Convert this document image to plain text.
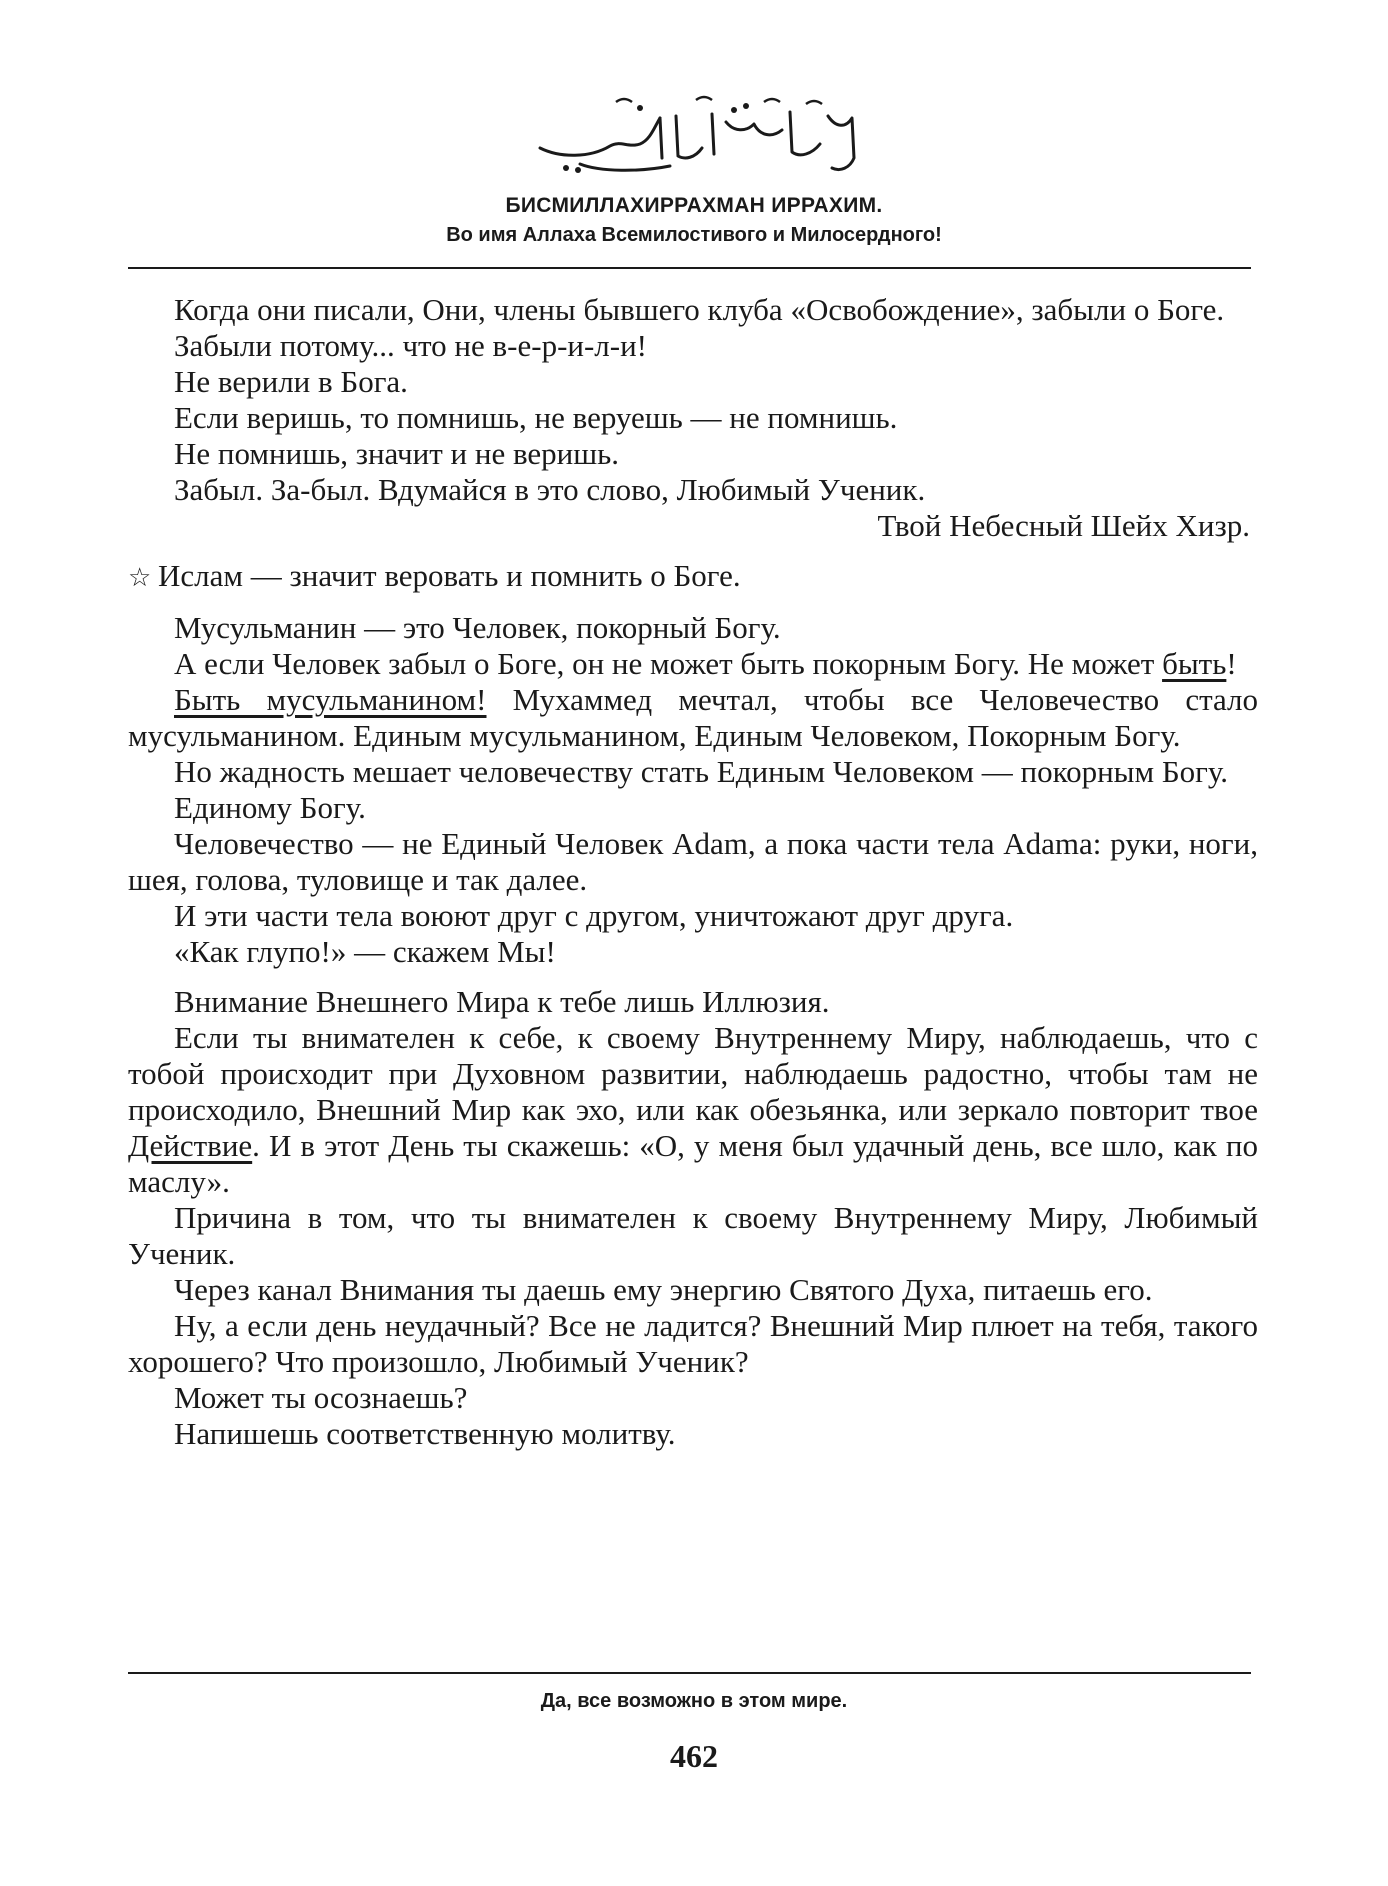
БИСМИЛЛАХИРРАХМАН ИРРАХИМ.
Во имя Аллаха Всемилостивого и Милосердного!

Когда они писали, Они, члены бывшего клуба «Освобождение», забыли о Боге.

Забыли потому... что не в-е-р-и-л-и!

Не верили в Бога.

Если веришь, то помнишь, не веруешь — не помнишь.

Не помнишь, значит и не веришь.

Забыл. За-был. Вдумайся в это слово, Любимый Ученик.

Твой Небесный Шейх Хизр.

☆ Ислам — значит веровать и помнить о Боге.

Мусульманин — это Человек, покорный Богу.

А если Человек забыл о Боге, он не может быть покорным Богу. Не может быть!

Быть мусульманином! Мухаммед мечтал, чтобы все Человечество стало мусульманином. Единым мусульманином, Единым Человеком, Покорным Богу.

Но жадность мешает человечеству стать Единым Человеком — покорным Богу.

Единому Богу.

Человечество — не Единый Человек Adam, а пока части тела Adama: руки, ноги, шея, голова, туловище и так далее.

И эти части тела воюют друг с другом, уничтожают друг друга.

«Как глупо!» — скажем Мы!

Внимание Внешнего Мира к тебе лишь Иллюзия.

Если ты внимателен к себе, к своему Внутреннему Миру, наблюдаешь, что с тобой происходит при Духовном развитии, наблюдаешь радостно, чтобы там не происходило, Внешний Мир как эхо, или как обезьянка, или зеркало повторит твое Действие. И в этот День ты скажешь: «О, у меня был удачный день, все шло, как по маслу».

Причина в том, что ты внимателен к своему Внутреннему Миру, Любимый Ученик.

Через канал Внимания ты даешь ему энергию Святого Духа, питаешь его.

Ну, а если день неудачный? Все не ладится? Внешний Мир плюет на тебя, такого хорошего? Что произошло, Любимый Ученик?

Может ты осознаешь?

Напишешь соответственную молитву.

Да, все возможно в этом мире.
462
